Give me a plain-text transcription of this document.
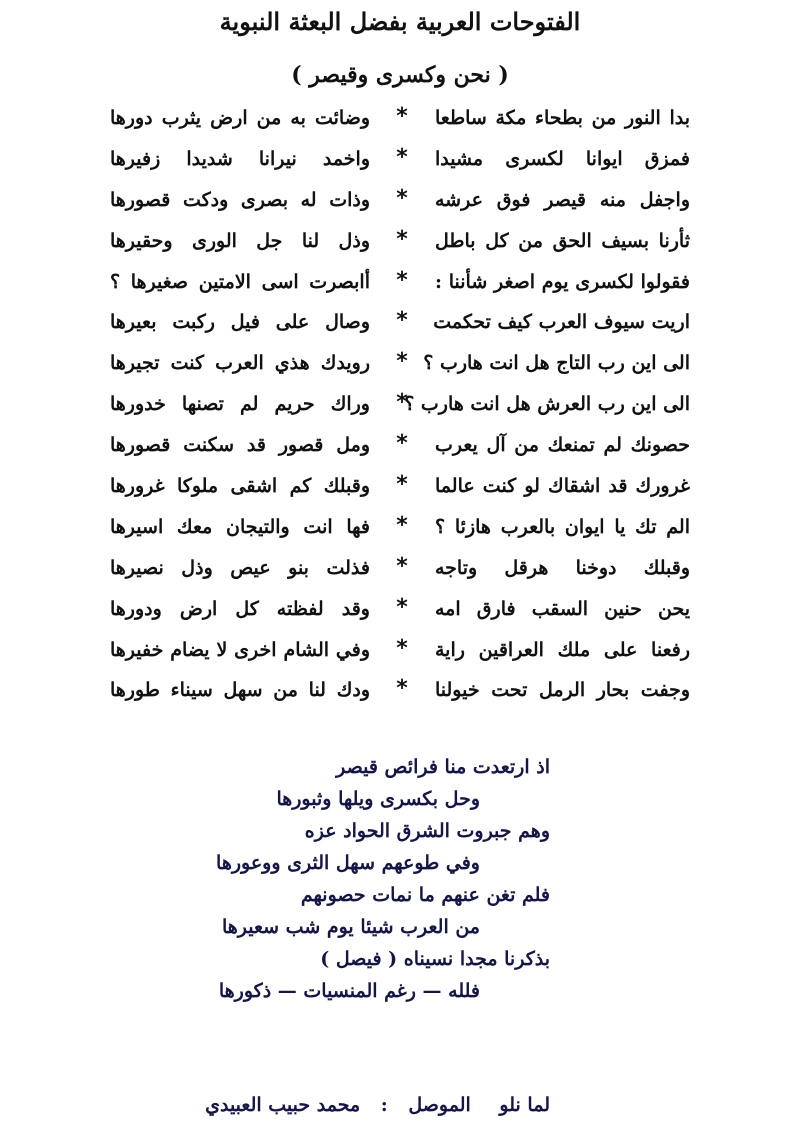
الفتوحات العربية بفضل البعثة النبوية
( نحن وكسرى وقيصر )
بدا النور من بطحاء مكة ساطعا
*
وضائت به من ارض يثرب دورها
فمزق ايوانا لكسرى مشيدا
*
واخمد نيرانا شديدا زفيرها
واجفل منه قيصر فوق عرشه
*
وذات له بصرى ودكت قصورها
ثأرنا بسيف الحق من كل باطل
*
وذل لنا جل الورى وحقيرها
فقولوا لكسرى يوم اصغر شأننا :
*
أابصرت اسى الامتين صغيرها ؟
اريت سيوف العرب كيف تحكمت
*
وصال على فيل ركبت بعيرها
الى اين رب التاج هل انت هارب ؟
*
رويدك هذي العرب كنت تجيرها
الى اين رب العرش هل انت هارب ؟
*
وراك حريم لم تصنها خدورها
حصونك لم تمنعك من آل يعرب
*
ومل قصور قد سكنت قصورها
غرورك قد اشقاك لو كنت عالما
*
وقبلك كم اشقى ملوكا غرورها
الم تك يا ايوان بالعرب هازئا ؟
*
فها انت والتيجان معك اسيرها
وقبلك دوخنا هرقل وتاجه
*
فذلت بنو عيص وذل نصيرها
يحن حنين السقب فارق امه
*
وقد لفظته كل ارض ودورها
رفعنا على ملك العراقين راية
*
وفي الشام اخرى لا يضام خفيرها
وجفت بحار الرمل تحت خيولنا
*
ودك لنا من سهل سيناء طورها
اذ ارتعدت منا فرائص قيصر
وحل بكسرى ويلها وثبورها
وهم جبروت الشرق الحواد عزه
وفي طوعهم سهل الثرى ووعورها
فلم تغن عنهم ما نمات حصونهم
من العرب شيئا يوم شب سعيرها
بذكرنا مجدا نسيناه ( فيصل )
فلله — رغم المنسيات — ذكورها
لما نلو الموصل : محمد حبيب العبيدي
